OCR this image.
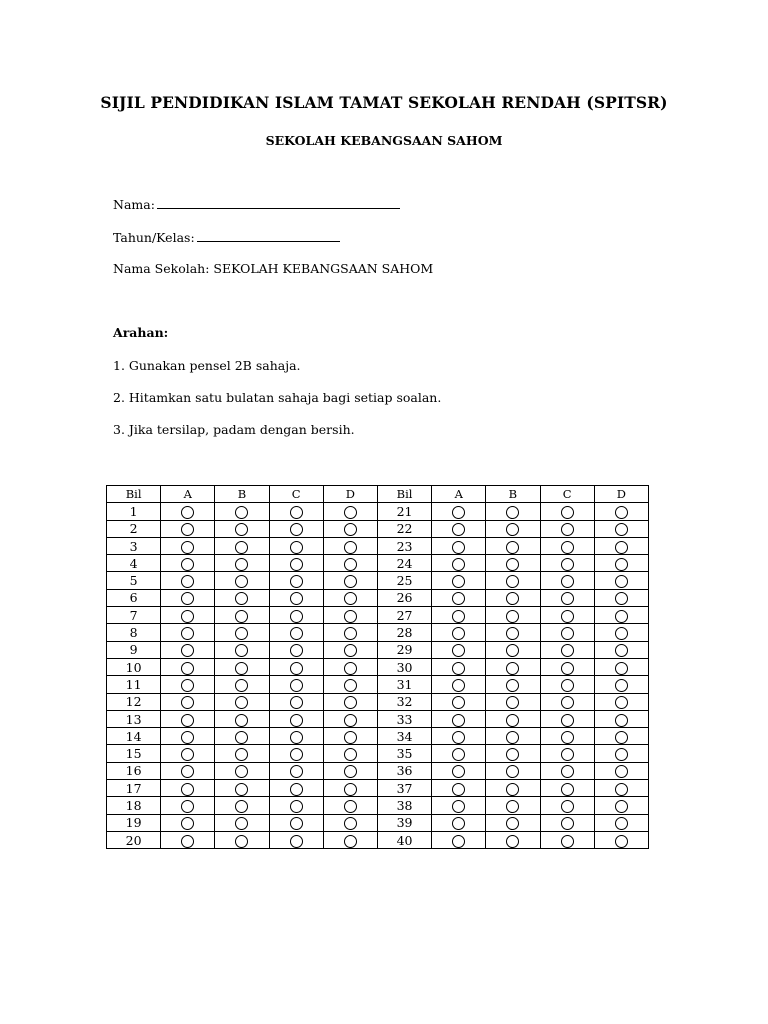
SIJIL PENDIDIKAN ISLAM TAMAT SEKOLAH RENDAH (SPITSR)
SEKOLAH KEBANGSAAN SAHOM
Nama:
Tahun/Kelas:
Nama Sekolah: SEKOLAH KEBANGSAAN SAHOM
Arahan:
1. Gunakan pensel 2B sahaja.
2. Hitamkan satu bulatan sahaja bagi setiap soalan.
3. Jika tersilap, padam dengan bersih.
Bil	A	B	C	D	Bil	A	B	C	D
1					21				
2					22				
3					23				
4					24				
5					25				
6					26				
7					27				
8					28				
9					29				
10					30				
11					31				
12					32				
13					33				
14					34				
15					35				
16					36				
17					37				
18					38				
19					39				
20					40				
